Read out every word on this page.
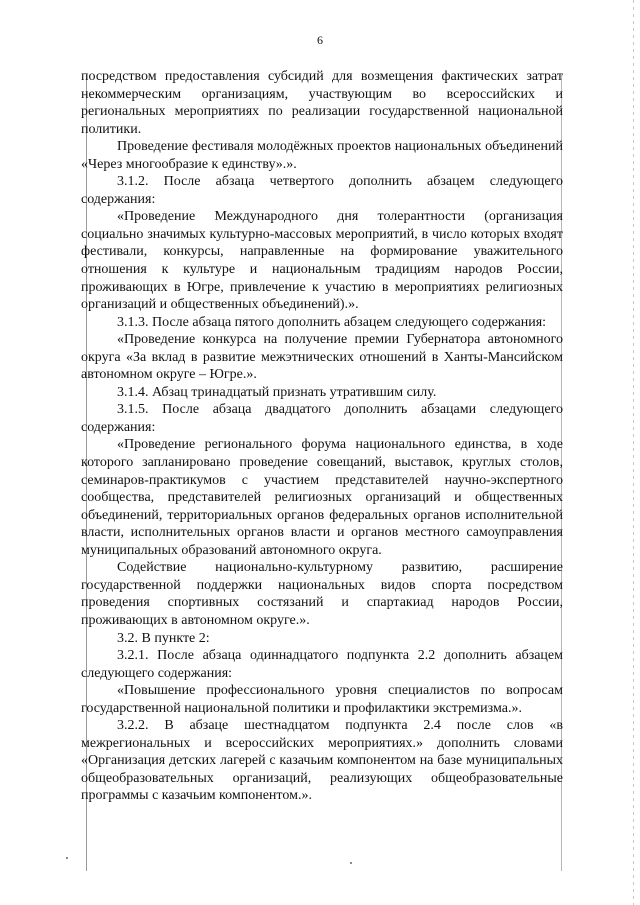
6

посредством предоставления субсидий для возмещения фактических затрат некоммерческим организациям, участвующим во всероссийских и региональных мероприятиях по реализации государственной национальной политики.

Проведение фестиваля молодёжных проектов национальных объединений «Через многообразие к единству».».

3.1.2. После абзаца четвертого дополнить абзацем следующего содержания:

«Проведение Международного дня толерантности (организация социально значимых культурно-массовых мероприятий, в число которых входят фестивали, конкурсы, направленные на формирование уважительного отношения к культуре и национальным традициям народов России, проживающих в Югре, привлечение к участию в мероприятиях религиозных организаций и общественных объединений).».

3.1.3. После абзаца пятого дополнить абзацем следующего содержания:

«Проведение конкурса на получение премии Губернатора автономного округа «За вклад в развитие межэтнических отношений в Ханты-Мансийском автономном округе – Югре.».

3.1.4. Абзац тринадцатый признать утратившим силу.

3.1.5. После абзаца двадцатого дополнить абзацами следующего содержания:

«Проведение регионального форума национального единства, в ходе которого запланировано проведение совещаний, выставок, круглых столов, семинаров-практикумов с участием представителей научно-экспертного сообщества, представителей религиозных организаций и общественных объединений, территориальных органов федеральных органов исполнительной власти, исполнительных органов власти и органов местного самоуправления муниципальных образований автономного округа.

Содействие национально-культурному развитию, расширение государственной поддержки национальных видов спорта посредством проведения спортивных состязаний и спартакиад народов России, проживающих в автономном округе.».

3.2. В пункте 2:

3.2.1. После абзаца одиннадцатого подпункта 2.2 дополнить абзацем следующего содержания:

«Повышение профессионального уровня специалистов по вопросам государственной национальной политики и профилактики экстремизма.».

3.2.2. В абзаце шестнадцатом подпункта 2.4 после слов «в межрегиональных и всероссийских мероприятиях.» дополнить словами «Организация детских лагерей с казачьим компонентом на базе муниципальных общеобразовательных организаций, реализующих общеобразовательные программы с казачьим компонентом.».
